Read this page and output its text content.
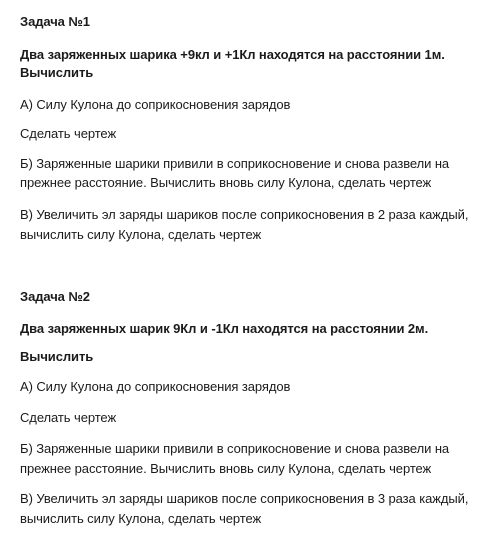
Задача №1
Два заряженных шарика +9кл и +1Кл находятся на расстоянии 1м.
Вычислить
А) Силу Кулона до соприкосновения зарядов
Сделать чертеж
Б) Заряженные шарики привили в соприкосновение и снова развели на
прежнее расстояние. Вычислить вновь силу Кулона, сделать чертеж
В) Увеличить эл заряды шариков после соприкосновения в 2 раза каждый,
вычислить силу Кулона, сделать чертеж
Задача №2
Два заряженных шарик 9Кл и -1Кл находятся на расстоянии 2м.
Вычислить
А) Силу Кулона до соприкосновения зарядов
Сделать чертеж
Б) Заряженные шарики привили в соприкосновение и снова развели на
прежнее расстояние. Вычислить вновь силу Кулона, сделать чертеж
В) Увеличить эл заряды шариков после соприкосновения в 3 раза каждый,
вычислить силу Кулона, сделать чертеж
